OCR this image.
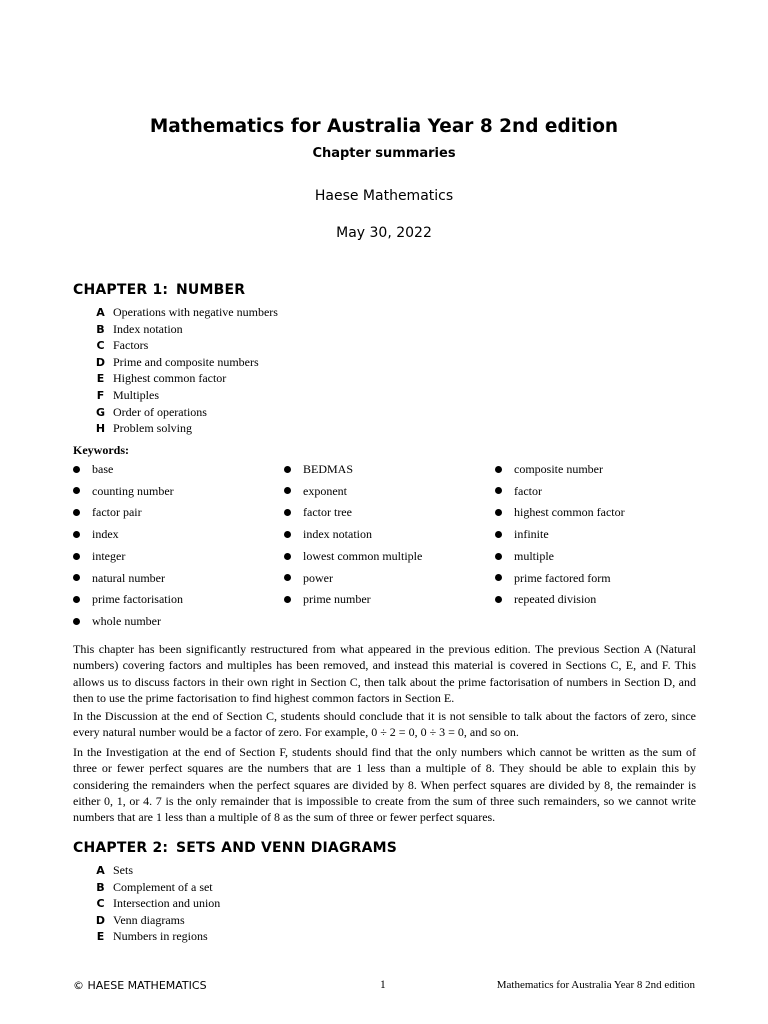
Mathematics for Australia Year 8 2nd edition
Chapter summaries
Haese Mathematics
May 30, 2022
CHAPTER 1: NUMBER
A Operations with negative numbers
B Index notation
C Factors
D Prime and composite numbers
E Highest common factor
F Multiples
G Order of operations
H Problem solving
Keywords:
base	BEDMAS	composite number
counting number	exponent	factor
factor pair	factor tree	highest common factor
index	index notation	infinite
integer	lowest common multiple	multiple
natural number	power	prime factored form
prime factorisation	prime number	repeated division
whole number

This chapter has been significantly restructured from what appeared in the previous edition. The previous Section A (Natural numbers) covering factors and multiples has been removed, and instead this material is covered in Sections C, E, and F. This allows us to discuss factors in their own right in Section C, then talk about the prime factorisation of numbers in Section D, and then to use the prime factorisation to find highest common factors in Section E.

In the Discussion at the end of Section C, students should conclude that it is not sensible to talk about the factors of zero, since every natural number would be a factor of zero. For example, 0 ÷ 2 = 0, 0 ÷ 3 = 0, and so on.

In the Investigation at the end of Section F, students should find that the only numbers which cannot be written as the sum of three or fewer perfect squares are the numbers that are 1 less than a multiple of 8. They should be able to explain this by considering the remainders when the perfect squares are divided by 8. When perfect squares are divided by 8, the remainder is either 0, 1, or 4. 7 is the only remainder that is impossible to create from the sum of three such remainders, so we cannot write numbers that are 1 less than a multiple of 8 as the sum of three or fewer perfect squares.

CHAPTER 2: SETS AND VENN DIAGRAMS
A Sets
B Complement of a set
C Intersection and union
D Venn diagrams
E Numbers in regions
© HAESE MATHEMATICS	1	Mathematics for Australia Year 8 2nd edition
